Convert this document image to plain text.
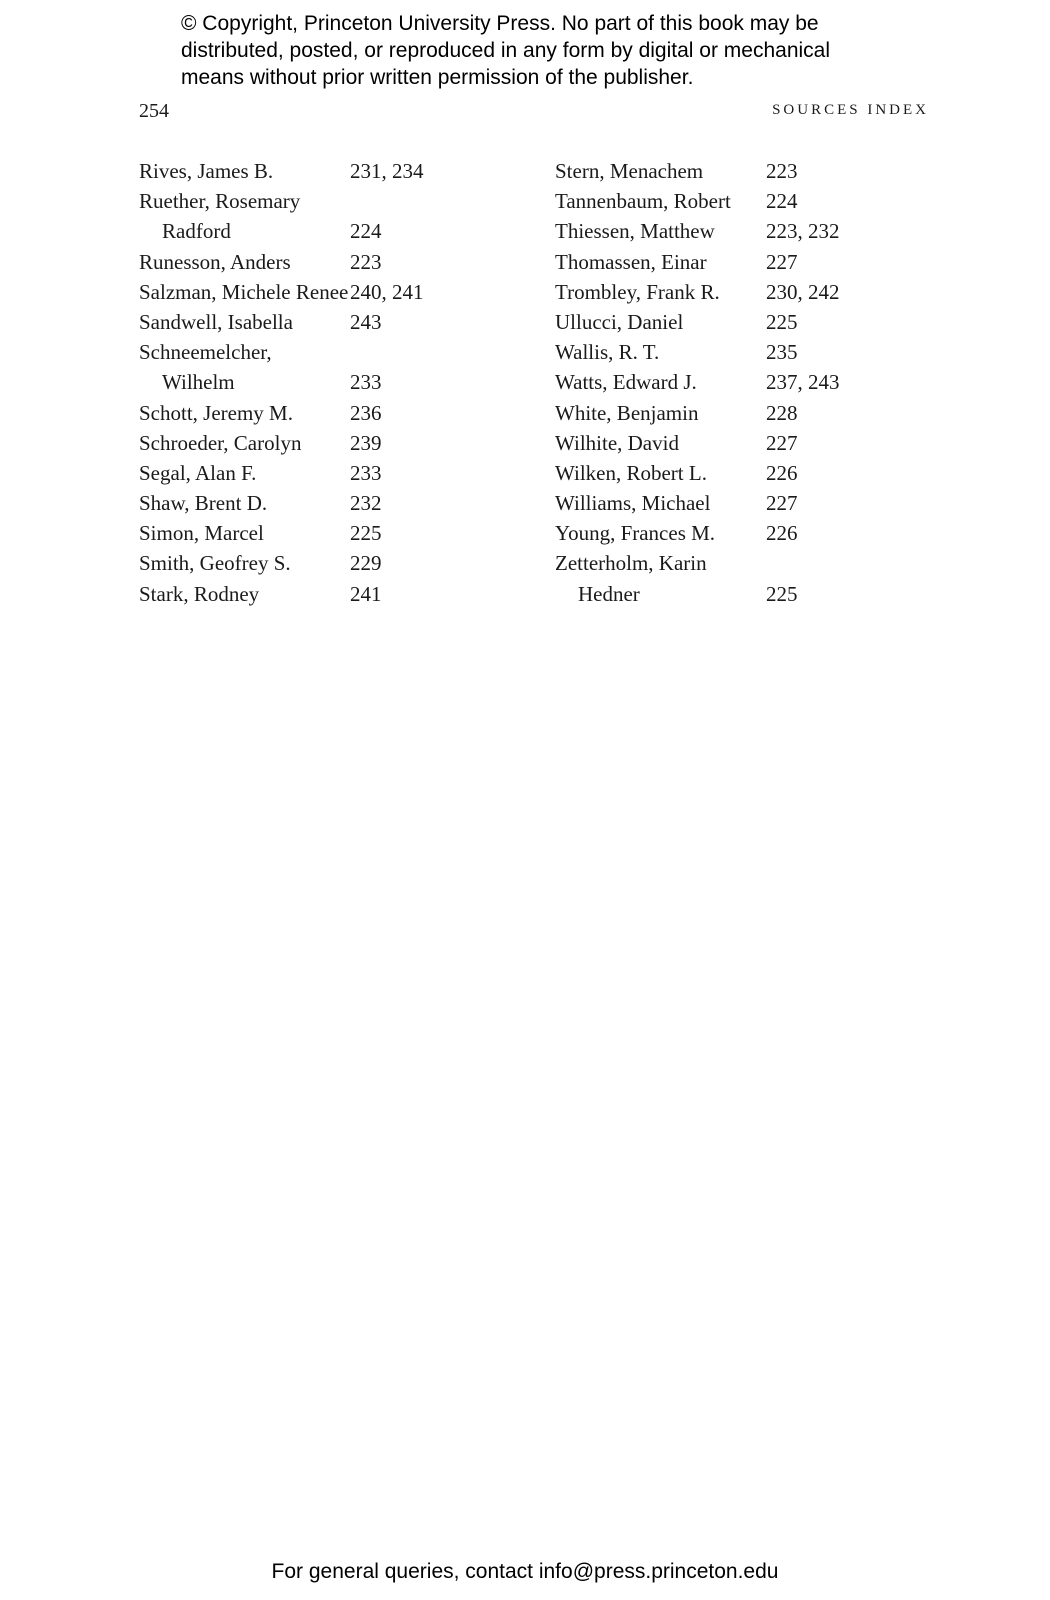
© Copyright, Princeton University Press. No part of this book may be
distributed, posted, or reproduced in any form by digital or mechanical
means without prior written permission of the publisher.
254	SOURCES INDEX
Rives, James B.	231, 234
Ruether, Rosemary
Radford	224
Runesson, Anders	223
Salzman, Michele Renee 240, 241
Sandwell, Isabella	243
Schneemelcher,
Wilhelm	233
Schott, Jeremy M.	236
Schroeder, Carolyn 239
Segal, Alan F.	233
Shaw, Brent D.	232
Simon, Marcel	225
Smith, Geofrey S.	229
Stark, Rodney	241
Stern, Menachem	223
Tannenbaum, Robert 224
Thiessen, Matthew 223, 232
Thomassen, Einar	227
Trombley, Frank R. 230, 242
Ullucci, Daniel	225
Wallis, R. T.	235
Watts, Edward J.	237, 243
White, Benjamin	228
Wilhite, David	227
Wilken, Robert L.	226
Williams, Michael	227
Young, Frances M. 226
Zetterholm, Karin
Hedner	225
For general queries, contact info@press.princeton.edu
